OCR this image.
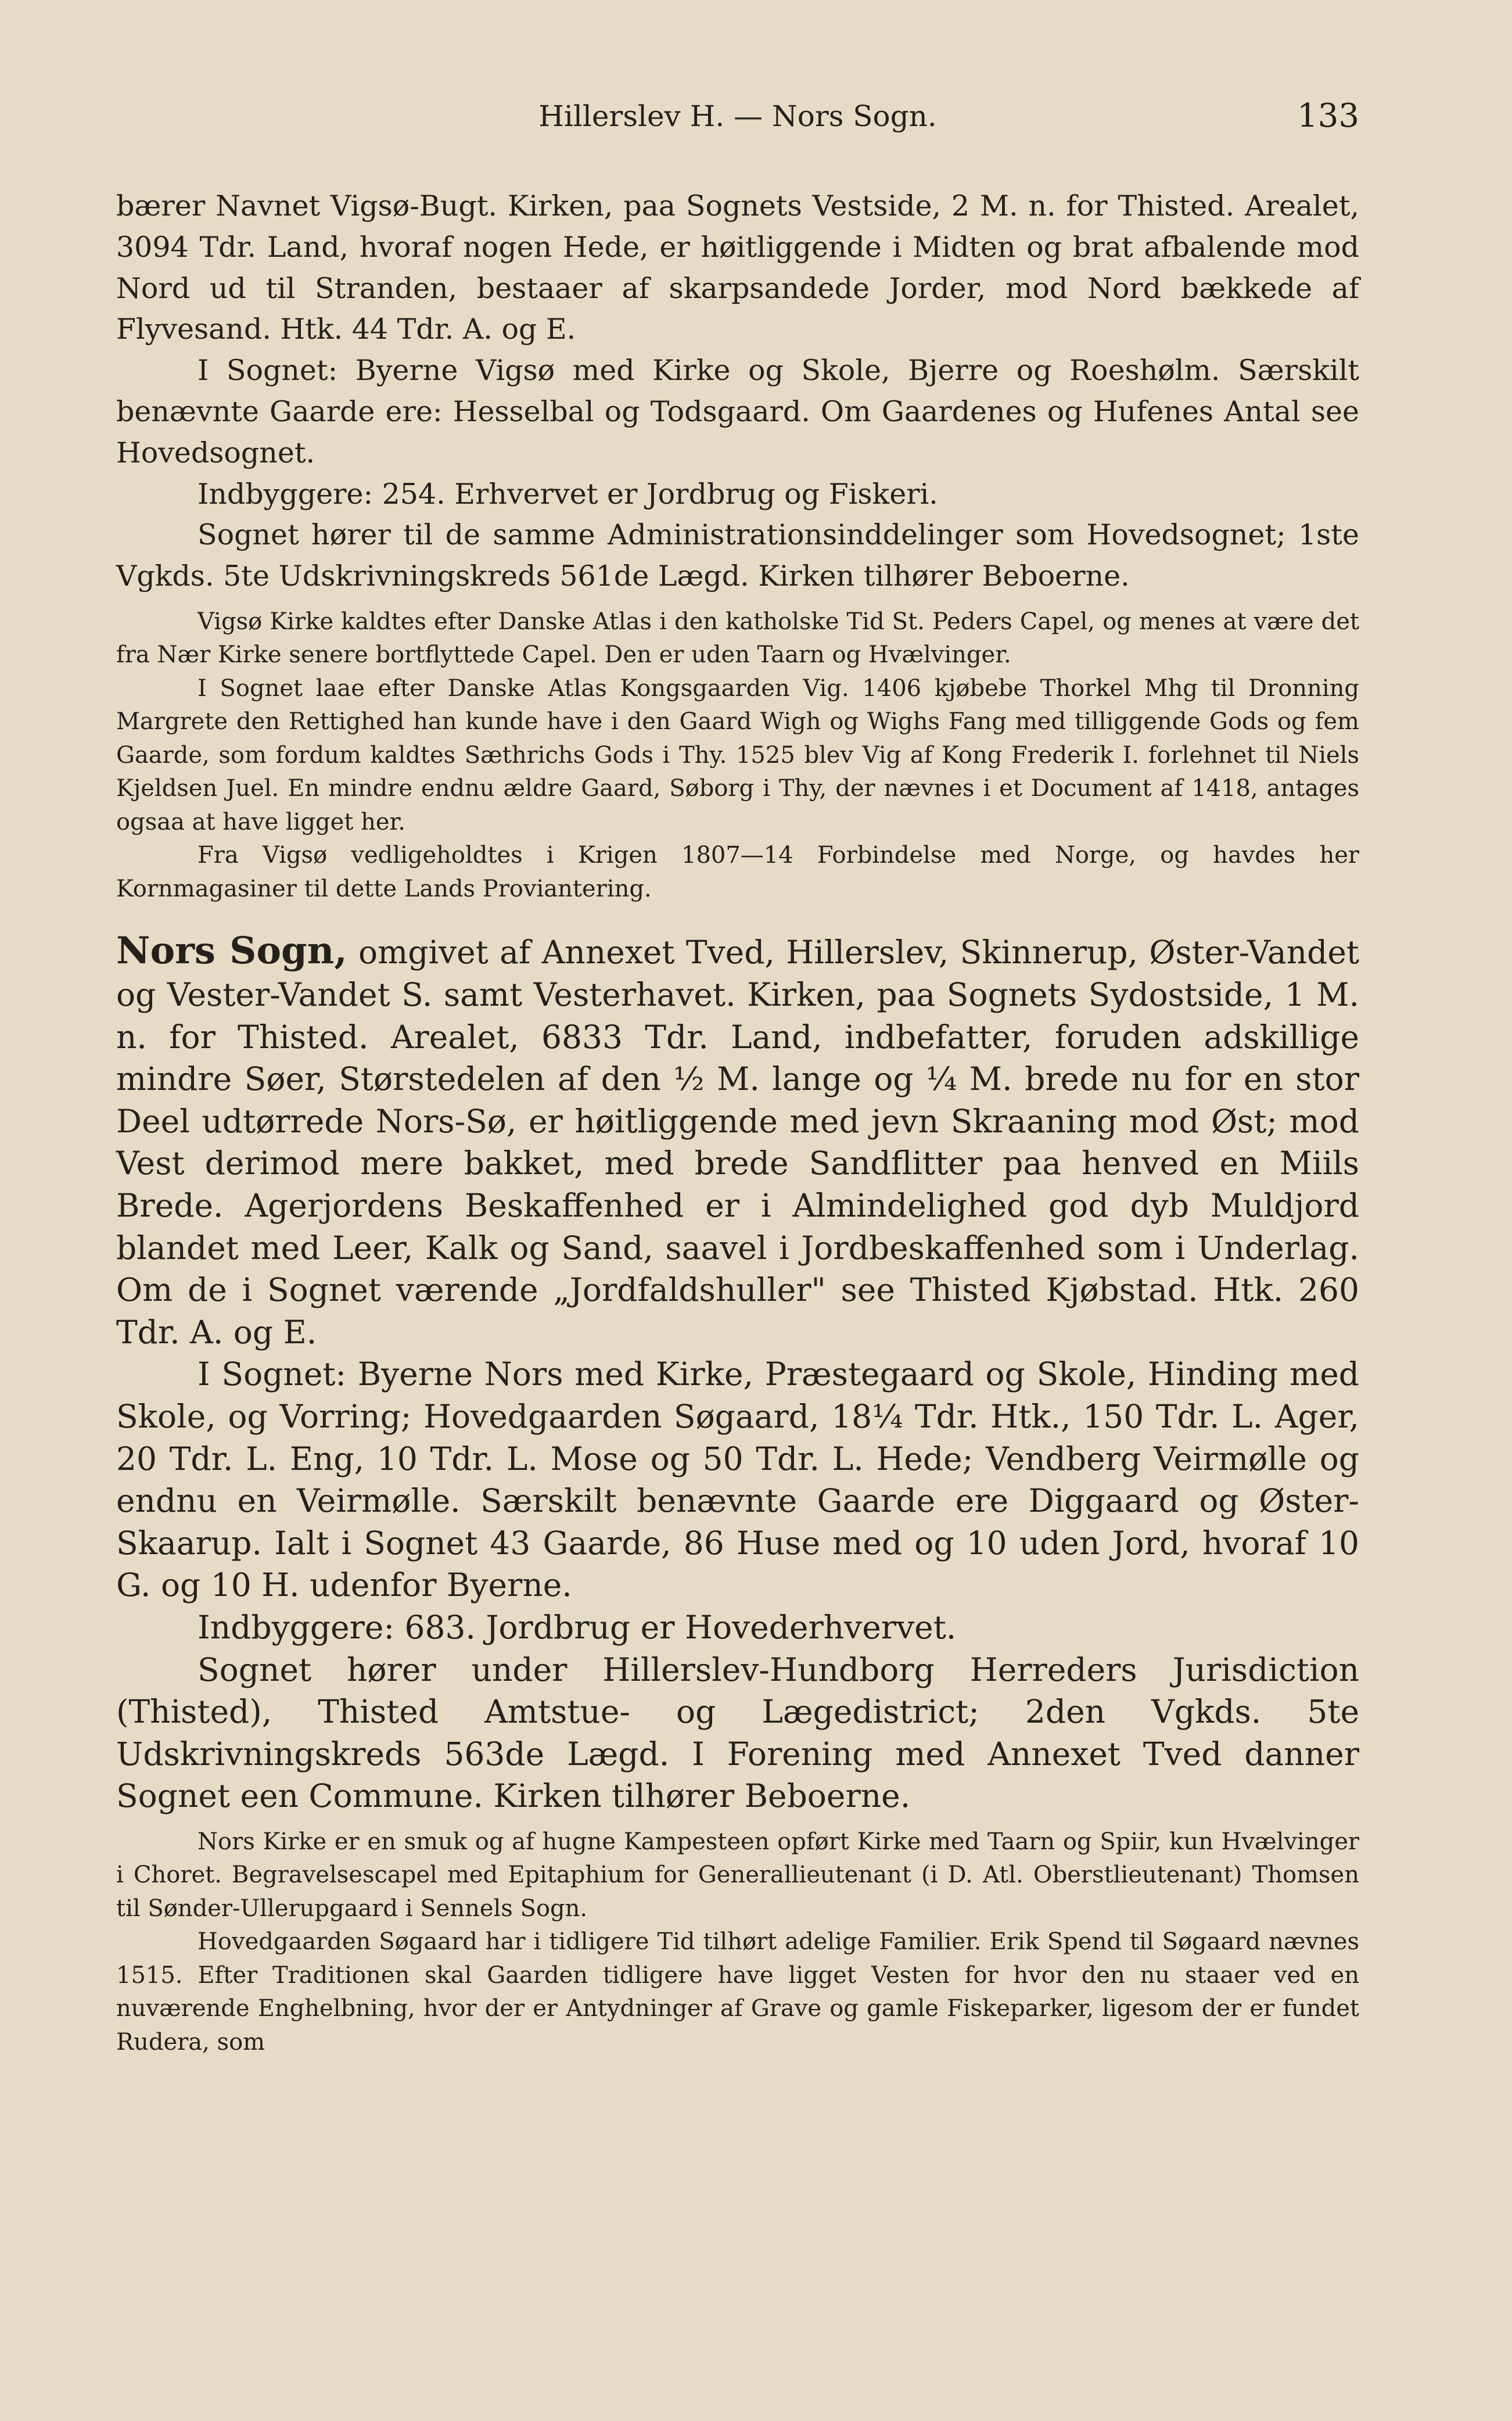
Hillerslev H. — Nors Sogn.	133

bærer Navnet Vigsø-Bugt. Kirken, paa Sognets Vestside, 2 M. n. for Thisted. Arealet, 3094 Tdr. Land, hvoraf nogen Hede, er høitliggende i Midten og brat afbalende mod Nord ud til Stranden, bestaaer af skarpsandede Jorder, mod Nord bækkede af Flyvesand. Htk. 44 Tdr. A. og E.

I Sognet: Byerne Vigsø med Kirke og Skole, Bjerre og Roeshølm. Særskilt benævnte Gaarde ere: Hesselbal og Todsgaard. Om Gaardenes og Hufenes Antal see Hovedsognet.

Indbyggere: 254. Erhvervet er Jordbrug og Fiskeri.

Sognet hører til de samme Administrationsinddelinger som Hovedsognet; 1ste Vgkds. 5te Udskrivningskreds 561de Lægd. Kirken tilhører Beboerne.

Vigsø Kirke kaldtes efter Danske Atlas i den katholske Tid St. Peders Capel, og menes at være det fra Nær Kirke senere bortflyttede Capel. Den er uden Taarn og Hvælvinger.

I Sognet laae efter Danske Atlas Kongsgaarden Vig. 1406 kjøbebe Thorkel Mhg til Dronning Margrete den Rettighed han kunde have i den Gaard Wigh og Wighs Fang med tilliggende Gods og fem Gaarde, som fordum kaldtes Sæthrichs Gods i Thy. 1525 blev Vig af Kong Frederik I. forlehnet til Niels Kjeldsen Juel. En mindre endnu ældre Gaard, Søborg i Thy, der nævnes i et Document af 1418, antages ogsaa at have ligget her.

Fra Vigsø vedligeholdtes i Krigen 1807—14 Forbindelse med Norge, og havdes her Kornmagasiner til dette Lands Proviantering.

Nors Sogn, omgivet af Annexet Tved, Hillerslev, Skinnerup, Øster-Vandet og Vester-Vandet S. samt Vesterhavet. Kirken, paa Sognets Sydostside, 1 M. n. for Thisted. Arealet, 6833 Tdr. Land, indbefatter, foruden adskillige mindre Søer, Størstedelen af den ½ M. lange og ¼ M. brede nu for en stor Deel udtørrede Nors-Sø, er høitliggende med jevn Skraaning mod Øst; mod Vest derimod mere bakket, med brede Sandflitter paa henved en Miils Brede. Agerjordens Beskaffenhed er i Almindelighed god dyb Muldjord blandet med Leer, Kalk og Sand, saavel i Jordbeskaffenhed som i Underlag. Om de i Sognet værende „Jordfaldshuller" see Thisted Kjøbstad. Htk. 260 Tdr. A. og E.

I Sognet: Byerne Nors med Kirke, Præstegaard og Skole, Hinding med Skole, og Vorring; Hovedgaarden Søgaard, 18¼ Tdr. Htk., 150 Tdr. L. Ager, 20 Tdr. L. Eng, 10 Tdr. L. Mose og 50 Tdr. L. Hede; Vendberg Veirmølle og endnu en Veirmølle. Særskilt benævnte Gaarde ere Diggaard og Øster-Skaarup. Ialt i Sognet 43 Gaarde, 86 Huse med og 10 uden Jord, hvoraf 10 G. og 10 H. udenfor Byerne.

Indbyggere: 683. Jordbrug er Hovederhvervet.

Sognet hører under Hillerslev-Hundborg Herreders Jurisdiction (Thisted), Thisted Amtstue- og Lægedistrict; 2den Vgkds. 5te Udskrivningskreds 563de Lægd. I Forening med Annexet Tved danner Sognet een Commune. Kirken tilhører Beboerne.

Nors Kirke er en smuk og af hugne Kampesteen opført Kirke med Taarn og Spiir, kun Hvælvinger i Choret. Begravelsescapel med Epitaphium for Generallieutenant (i D. Atl. Oberstlieutenant) Thomsen til Sønder-Ullerupgaard i Sennels Sogn.

Hovedgaarden Søgaard har i tidligere Tid tilhørt adelige Familier. Erik Spend til Søgaard nævnes 1515. Efter Traditionen skal Gaarden tidligere have ligget Vesten for hvor den nu staaer ved en nuværende Enghelbning, hvor der er Antydninger af Grave og gamle Fiskeparker, ligesom der er fundet Rudera, som
